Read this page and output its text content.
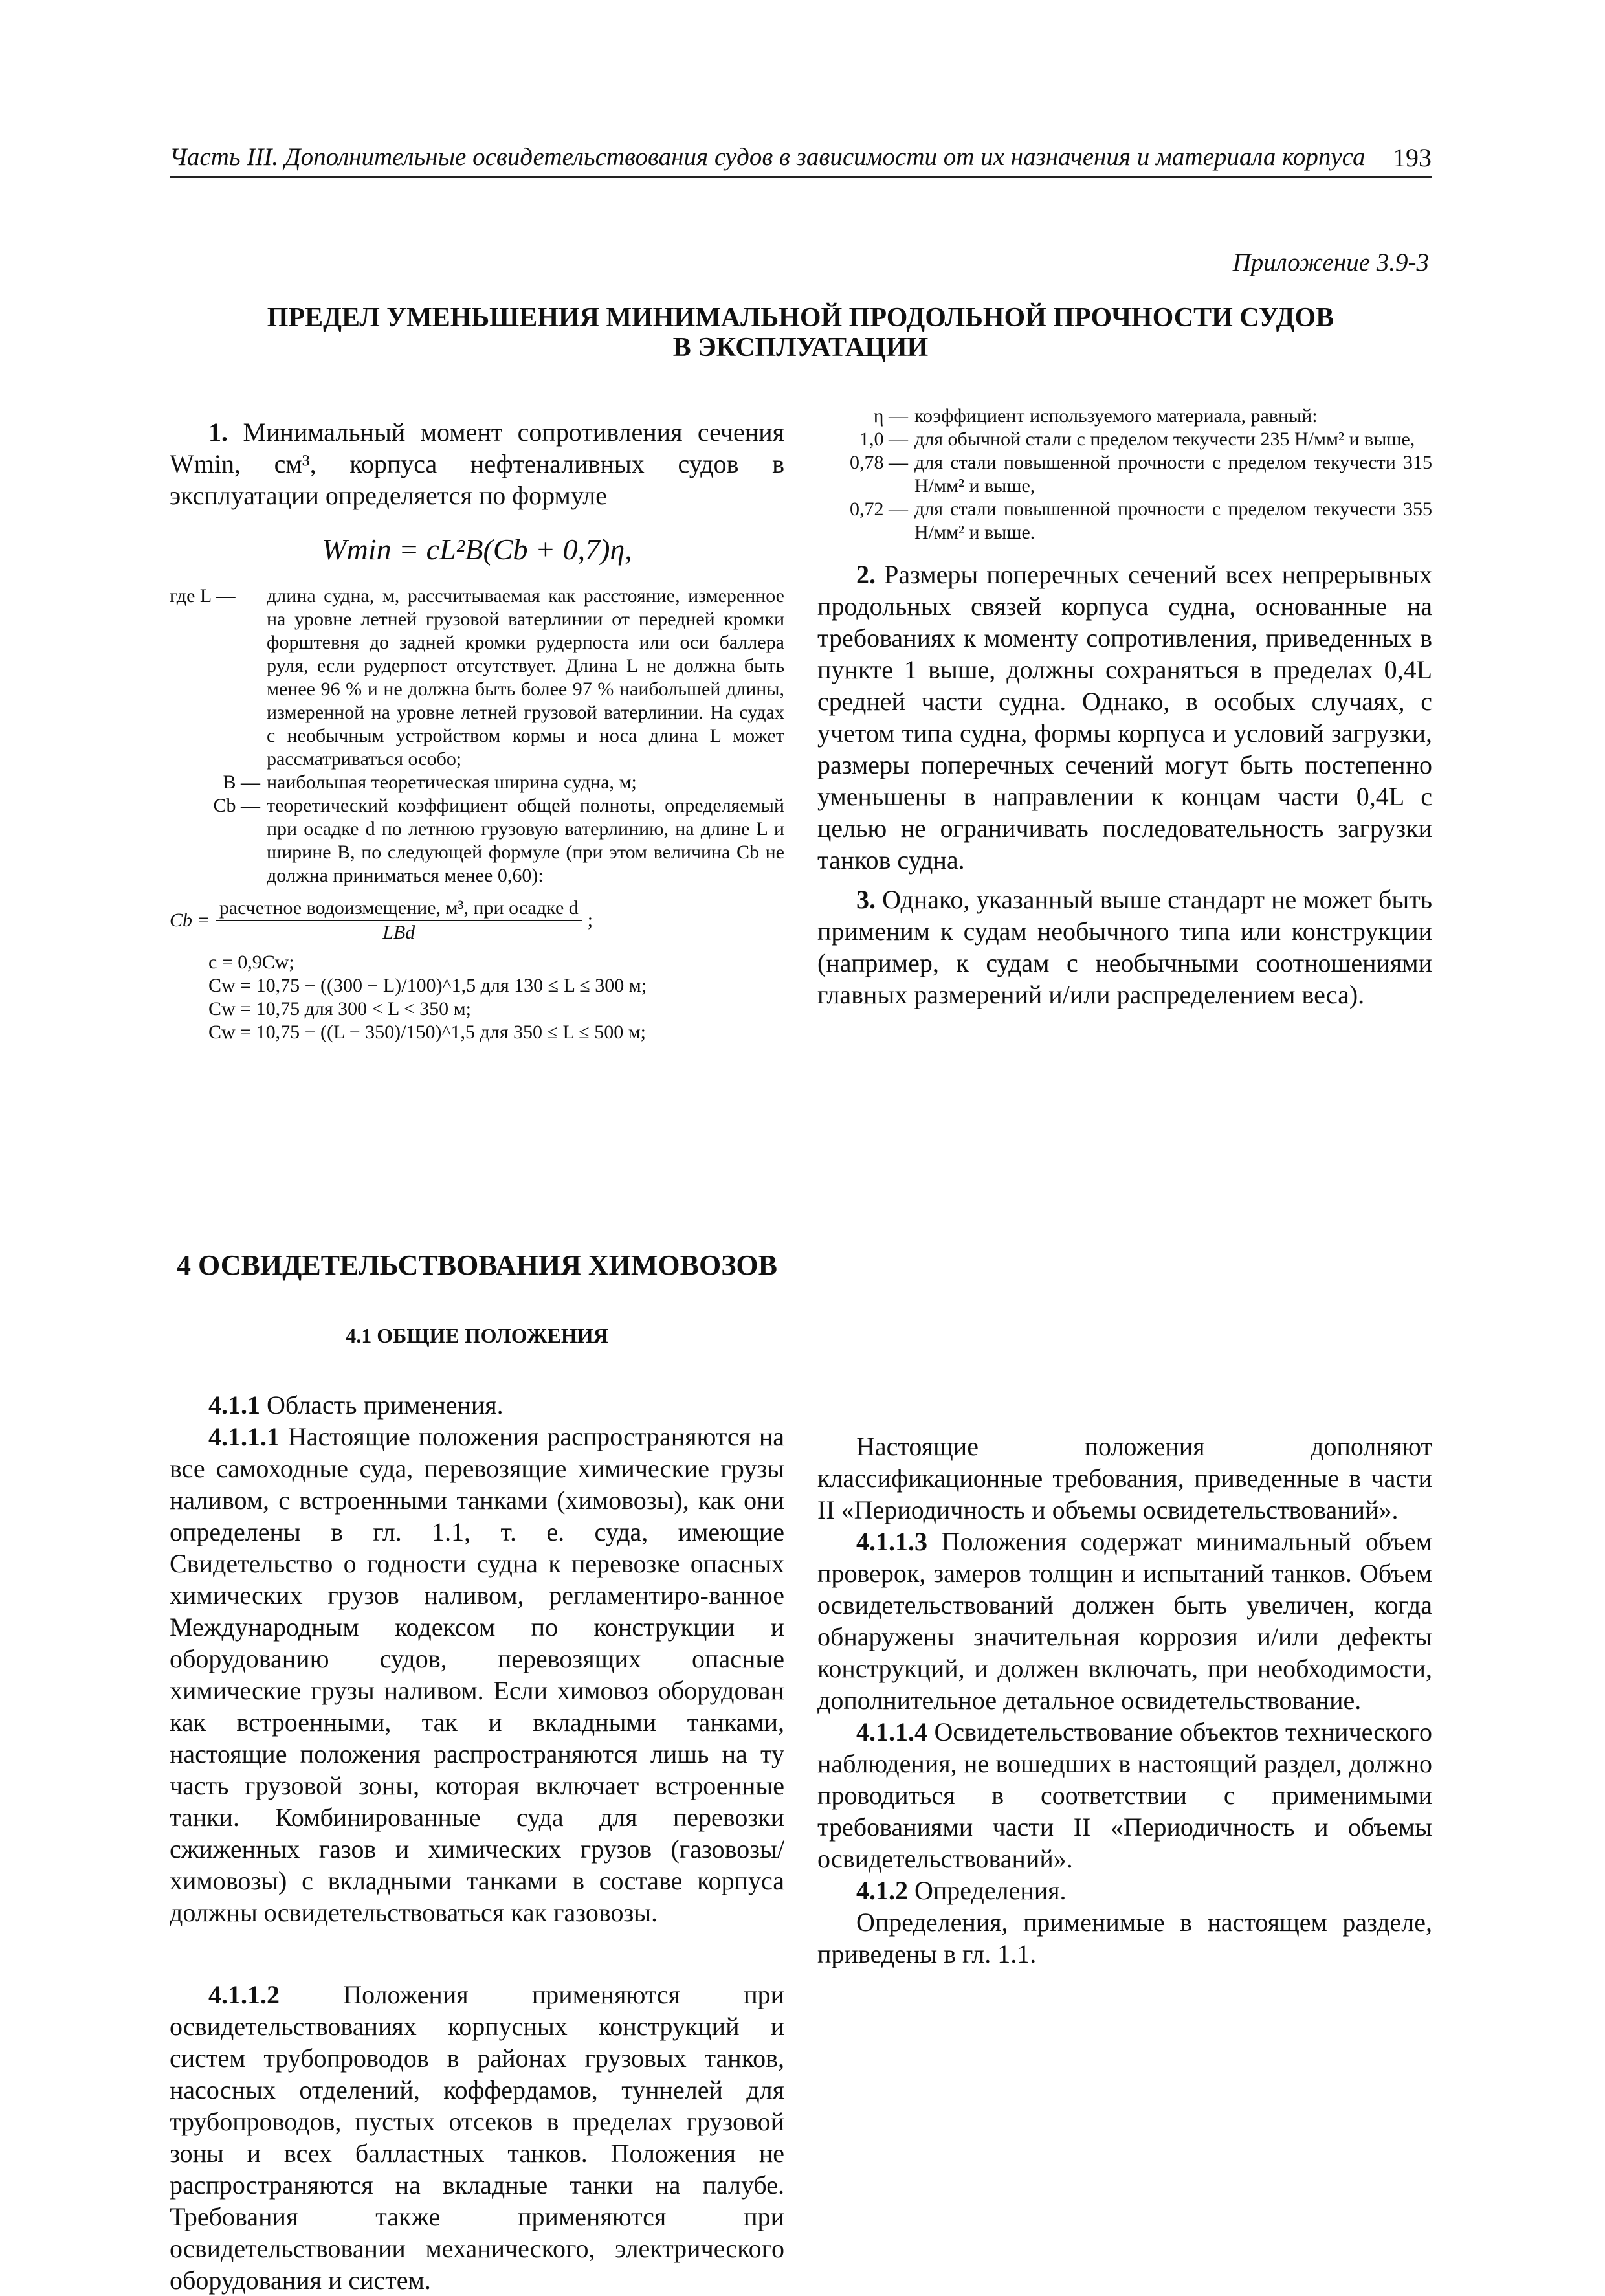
Часть III. Дополнительные освидетельствования судов в зависимости от их назначения и материала корпуса 193
Приложение 3.9-3
ПРЕДЕЛ УМЕНЬШЕНИЯ МИНИМАЛЬНОЙ ПРОДОЛЬНОЙ ПРОЧНОСТИ СУДОВ
В ЭКСПЛУАТАЦИИ

1. Минимальный момент сопротивления сечения Wmin, см³, корпуса нефтеналивных судов в эксплуатации определяется по формуле

Wmin = cL²B(Cb + 0,7)η,
где L —	длина судна, м, рассчитываемая как расстояние, измеренное на уровне летней грузовой ватерлинии от передней кромки форштевня до задней кромки рудерпоста или оси баллера руля, если рудерпост отсутствует. Длина L не должна быть менее 96 % и не должна быть более 97 % наибольшей длины, измеренной на уровне летней грузовой ватерлинии. На судах с необычным устройством кормы и носа длина L может рассматриваться особо;
B — наибольшая теоретическая ширина судна, м;
Cb — теоретический коэффициент общей полноты, определяемый при осадке d по летнюю грузовую ватерлинию, на длине L и ширине B, по следующей формуле (при этом величина Cb не должна приниматься менее 0,60):
$Cb = \frac{\text{расчетное водоизмещение, м³, при осадке d}}{\text{LBd}}$ ;
c = 0,9Cw;
Cw = 10,75 − ((300 − L)/100)^1,5 для 130 ≤ L ≤ 300 м;
Cw = 10,75 для 300 < L < 350 м;
Cw = 10,75 − ((L − 350)/150)^1,5 для 350 ≤ L ≤ 500 м;
η — коэффициент используемого материала, равный:
1,0 — для обычной стали с пределом текучести 235 Н/мм² и выше,
0,78 — для стали повышенной прочности с пределом текучести 315 Н/мм² и выше,
0,72 — для стали повышенной прочности с пределом текучести 355 Н/мм² и выше.

2. Размеры поперечных сечений всех непрерывных продольных связей корпуса судна, основанные на требованиях к моменту сопротивления, приведенных в пункте 1 выше, должны сохраняться в пределах 0,4L средней части судна. Однако, в особых случаях, с учетом типа судна, формы корпуса и условий загрузки, размеры поперечных сечений могут быть постепенно уменьшены в направлении к концам части 0,4L с целью не ограничивать последовательность загрузки танков судна.

3. Однако, указанный выше стандарт не может быть применим к судам необычного типа или конструкции (например, к судам с необычными соотношениями главных размерений и/или распределением веса).

4 ОСВИДЕТЕЛЬСТВОВАНИЯ ХИМОВОЗОВ
4.1 ОБЩИЕ ПОЛОЖЕНИЯ

4.1.1 Область применения.

4.1.1.1 Настоящие положения распространяются на все самоходные суда, перевозящие химические грузы наливом, с встроенными танками (химовозы), как они определены в гл. 1.1, т. е. суда, имеющие Свидетельство о годности судна к перевозке опасных химических грузов наливом, регламентиро-ванное Международным кодексом по конструкции и оборудованию судов, перевозящих опасные химические грузы наливом. Если химовоз оборудован как встроенными, так и вкладными танками, настоящие положения распространяются лишь на ту часть грузовой зоны, которая включает встроенные танки. Комбинированные суда для перевозки сжиженных газов и химических грузов (газовозы/химовозы) с вкладными танками в составе корпуса должны освидетельствоваться как газовозы.

4.1.1.2 Положения применяются при освидетельствованиях корпусных конструкций и систем трубопроводов в районах грузовых танков, насосных отделений, коффердамов, туннелей для трубопроводов, пустых отсеков в пределах грузовой зоны и всех балластных танков. Положения не распространяются на вкладные танки на палубе. Требования также применяются при освидетельствовании механического, электрического оборудования и систем.

Настоящие положения дополняют классификационные требования, приведенные в части II «Периодичность и объемы освидетельствований».

4.1.1.3 Положения содержат минимальный объем проверок, замеров толщин и испытаний танков. Объем освидетельствований должен быть увеличен, когда обнаружены значительная коррозия и/или дефекты конструкций, и должен включать, при необходимости, дополнительное детальное освидетельствование.

4.1.1.4 Освидетельствование объектов технического наблюдения, не вошедших в настоящий раздел, должно проводиться в соответствии с применимыми требованиями части II «Периодичность и объемы освидетельствований».

4.1.2 Определения.

Определения, применимые в настоящем разделе, приведены в гл. 1.1.
